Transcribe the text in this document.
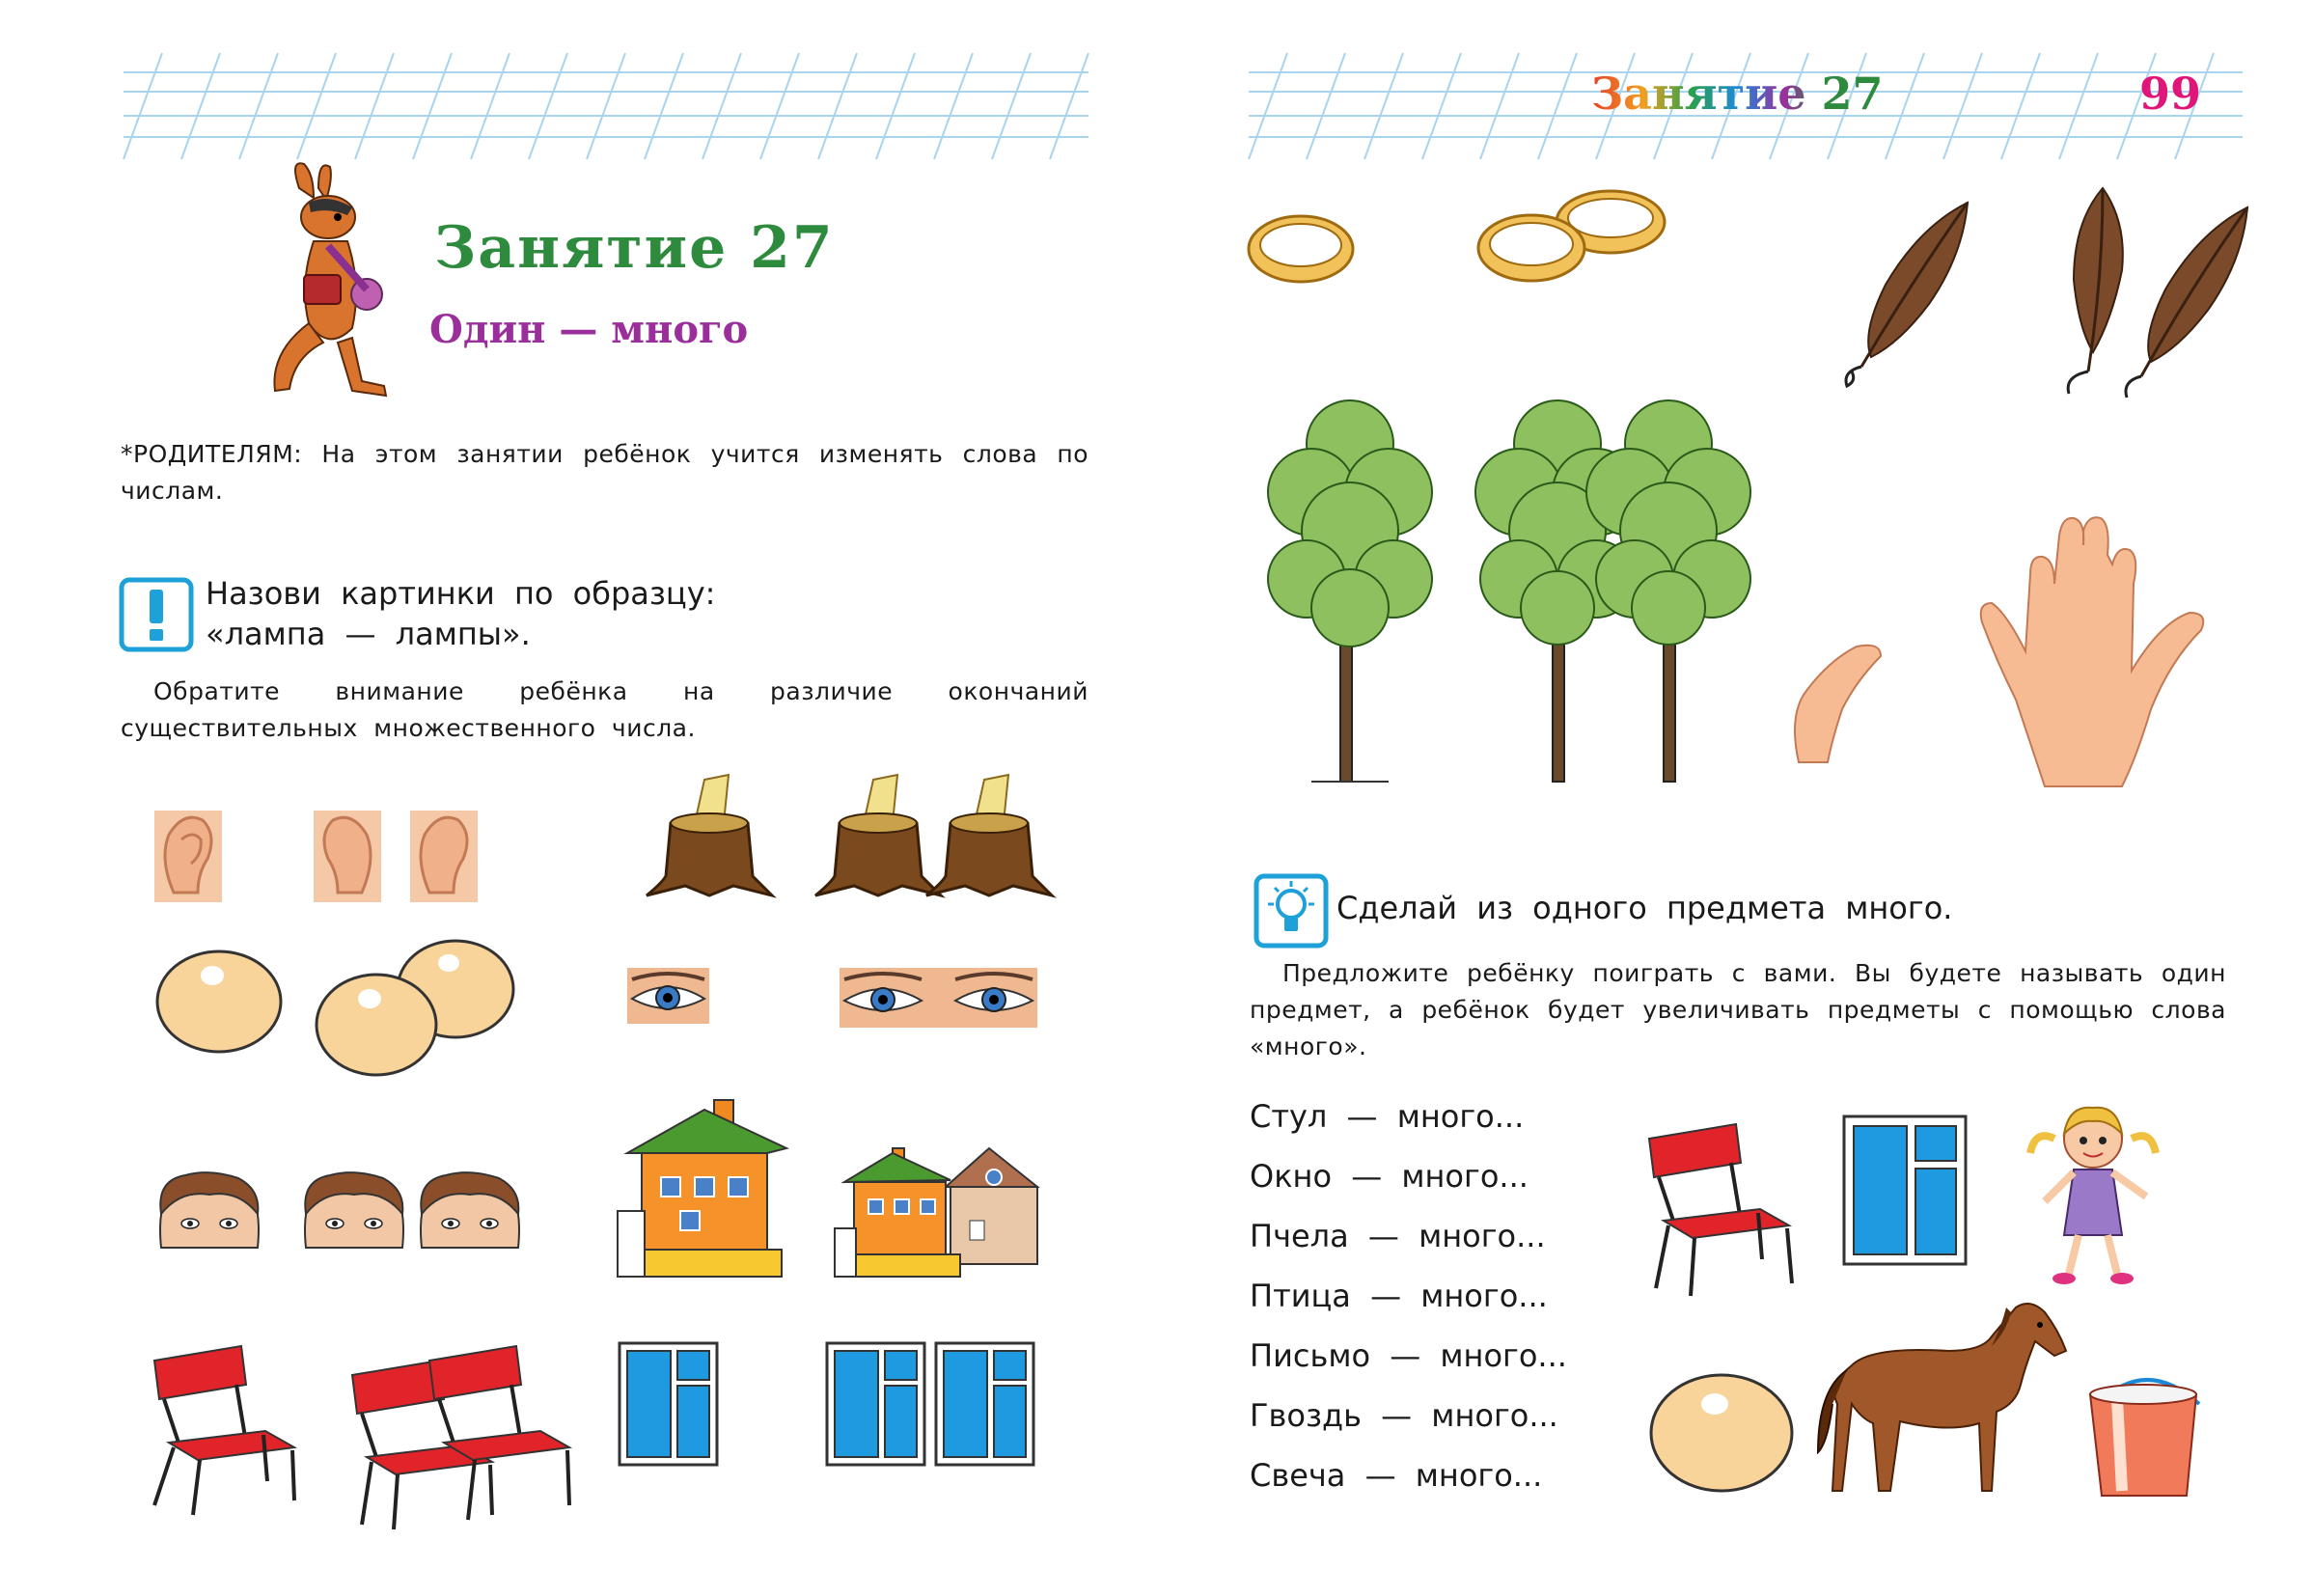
Занятие 27
Один — много
*РОДИТЕЛЯМ: На этом занятии ребёнок учится изменять слова по числам.
Назови картинки по образцу:
«лампа — лампы».
Обратите внимание ребёнка на различие окончаний существительных множественного числа.
Занятие 27	99
Сделай из одного предмета много.
Предложите ребёнку поиграть с вами. Вы будете называть один предмет, а ребёнок будет увеличивать предметы с помощью слова «много».
Стул — много...
Окно — много...
Пчела — много...
Птица — много...
Письмо — много...
Гвоздь — много...
Свеча — много...
